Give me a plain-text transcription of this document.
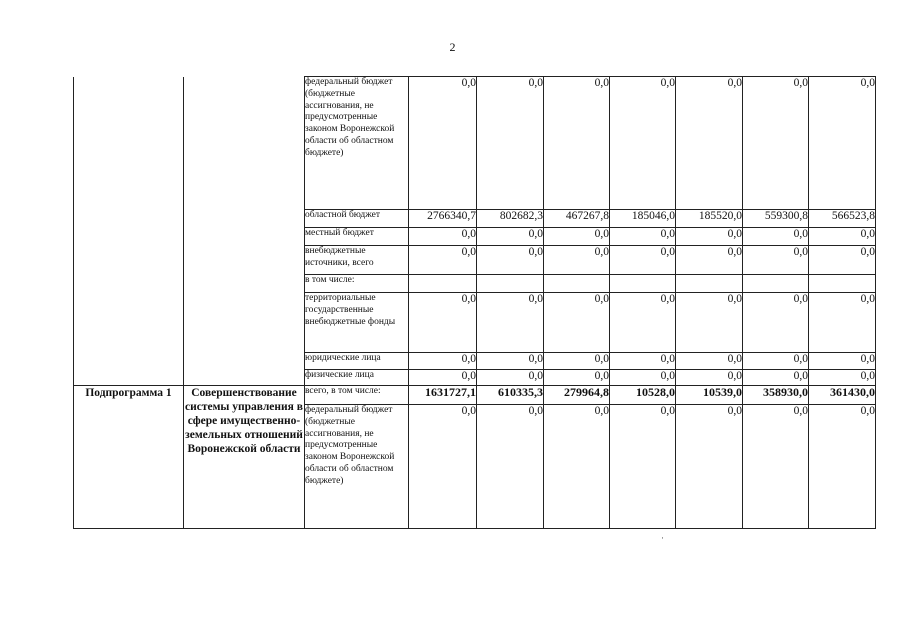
2
		федеральный бюджет (бюджетные ассигнования, не предусмотренные законом Воронежской области об областном бюджете)	0,0	0,0	0,0	0,0	0,0	0,0	0,0
		областной бюджет	2766340,7	802682,3	467267,8	185046,0	185520,0	559300,8	566523,8
		местный бюджет	0,0	0,0	0,0	0,0	0,0	0,0	0,0
		внебюджетные источники, всего	0,0	0,0	0,0	0,0	0,0	0,0	0,0
		в том числе:							
		территориальные государственные внебюджетные фонды	0,0	0,0	0,0	0,0	0,0	0,0	0,0
		юридические лица	0,0	0,0	0,0	0,0	0,0	0,0	0,0
		физические лица	0,0	0,0	0,0	0,0	0,0	0,0	0,0
Подпрограмма 1	Совершенствование системы управления в сфере имущественно-земельных отношений Воронежской области	всего, в том числе:	1631727,1	610335,3	279964,8	10528,0	10539,0	358930,0	361430,0
		федеральный бюджет (бюджетные ассигнования, не предусмотренные законом Воронежской области об областном бюджете)	0,0	0,0	0,0	0,0	0,0	0,0	0,0
·
